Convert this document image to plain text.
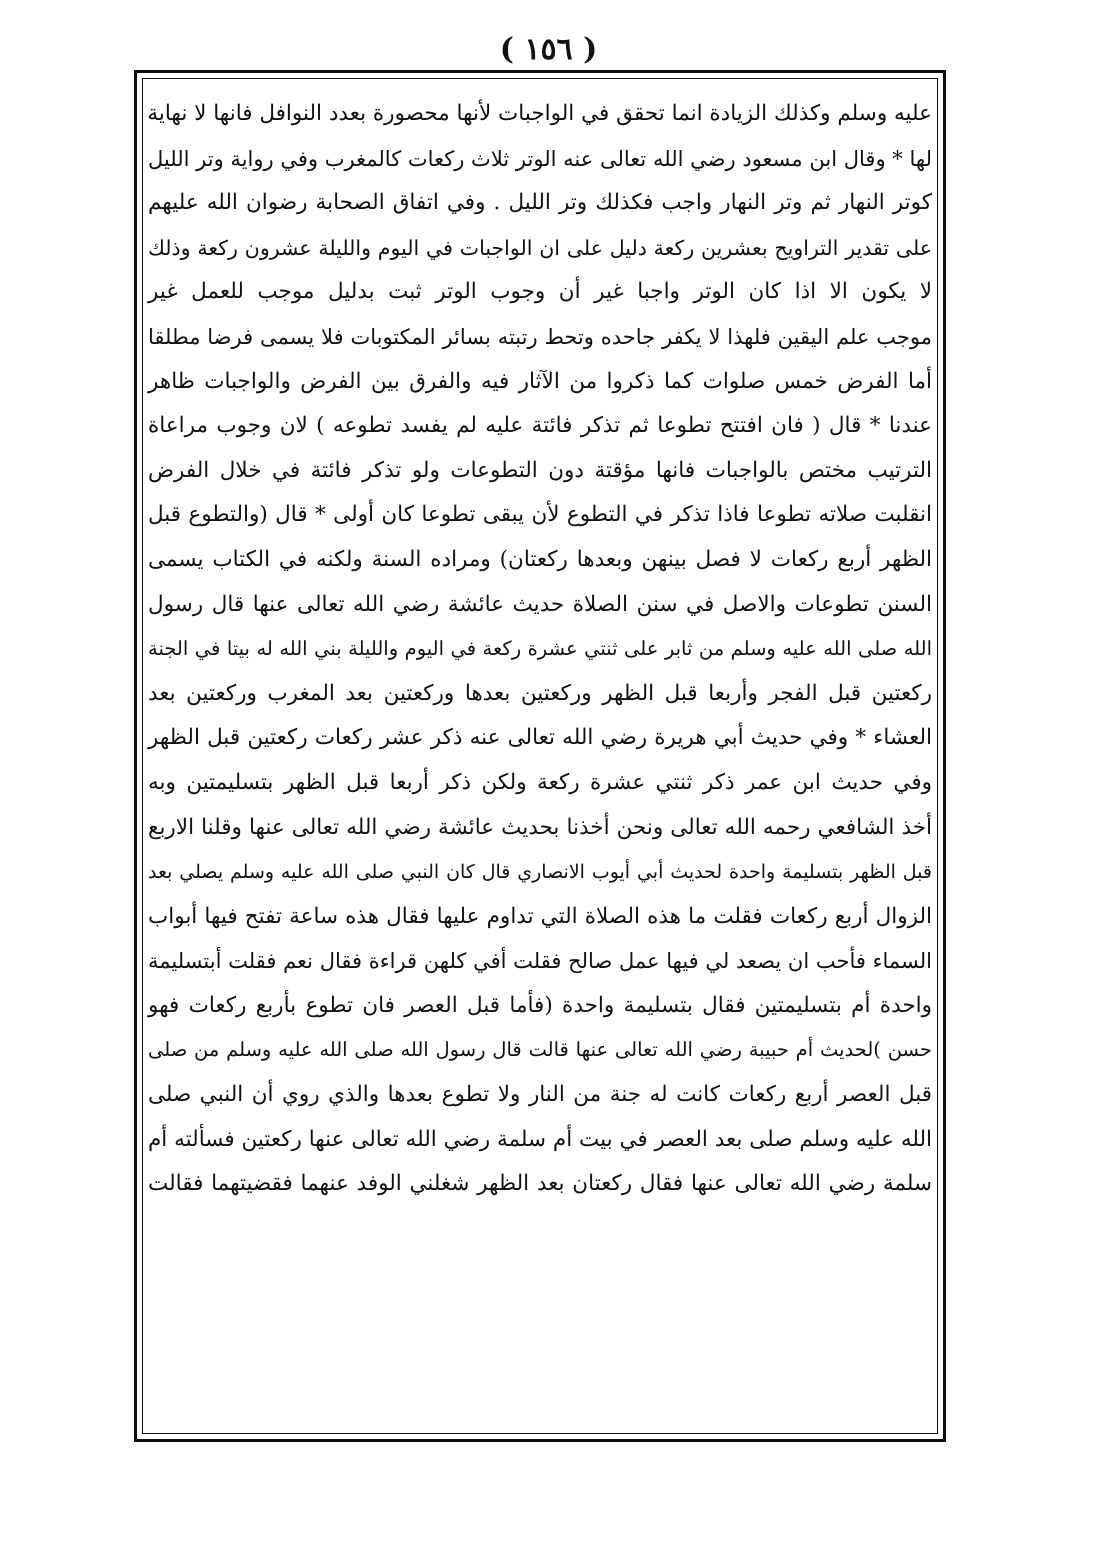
( ١٥٦ )
عليه وسلم وكذلك الزيادة انما تحقق في الواجبات لأنها محصورة بعدد النوافل فانها لا نهاية
لها * وقال ابن مسعود رضي الله تعالى عنه الوتر ثلاث ركعات كالمغرب وفي رواية وتر الليل
كوتر النهار ثم وتر النهار واجب فكذلك وتر الليل . وفي اتفاق الصحابة رضوان الله عليهم
على تقدير التراويح بعشرين ركعة دليل على ان الواجبات في اليوم والليلة عشرون ركعة وذلك
لا يكون الا اذا كان الوتر واجبا غير أن وجوب الوتر ثبت بدليل موجب للعمل غير
موجب علم اليقين فلهذا لا يكفر جاحده وتحط رتبته بسائر المكتوبات فلا يسمى فرضا مطلقا
أما الفرض خمس صلوات كما ذكروا من الآثار فيه والفرق بين الفرض والواجبات ظاهر
عندنا * قال ( فان افتتح تطوعا ثم تذكر فائتة عليه لم يفسد تطوعه ) لان وجوب مراعاة
الترتيب مختص بالواجبات فانها مؤقتة دون التطوعات ولو تذكر فائتة في خلال الفرض
انقلبت صلاته تطوعا فاذا تذكر في التطوع لأن يبقى تطوعا كان أولى * قال (والتطوع قبل
الظهر أربع ركعات لا فصل بينهن وبعدها ركعتان) ومراده السنة ولكنه في الكتاب يسمى
السنن تطوعات والاصل في سنن الصلاة حديث عائشة رضي الله تعالى عنها قال رسول
الله صلى الله عليه وسلم من ثابر على ثنتي عشرة ركعة في اليوم والليلة بني الله له بيتا في الجنة
ركعتين قبل الفجر وأربعا قبل الظهر وركعتين بعدها وركعتين بعد المغرب وركعتين بعد
العشاء * وفي حديث أبي هريرة رضي الله تعالى عنه ذكر عشر ركعات ركعتين قبل الظهر
وفي حديث ابن عمر ذكر ثنتي عشرة ركعة ولكن ذكر أربعا قبل الظهر بتسليمتين وبه
أخذ الشافعي رحمه الله تعالى ونحن أخذنا بحديث عائشة رضي الله تعالى عنها وقلنا الاربع
قبل الظهر بتسليمة واحدة لحديث أبي أيوب الانصاري قال كان النبي صلى الله عليه وسلم يصلي بعد
الزوال أربع ركعات فقلت ما هذه الصلاة التي تداوم عليها فقال هذه ساعة تفتح فيها أبواب
السماء فأحب ان يصعد لي فيها عمل صالح فقلت أفي كلهن قراءة فقال نعم فقلت أبتسليمة
واحدة أم بتسليمتين فقال بتسليمة واحدة (فأما قبل العصر فان تطوع بأربع ركعات فهو
حسن )لحديث أم حبيبة رضي الله تعالى عنها قالت قال رسول الله صلى الله عليه وسلم من صلى
قبل العصر أربع ركعات كانت له جنة من النار ولا تطوع بعدها والذي روي أن النبي صلى
الله عليه وسلم صلى بعد العصر في بيت أم سلمة رضي الله تعالى عنها ركعتين فسألته أم
سلمة رضي الله تعالى عنها فقال ركعتان بعد الظهر شغلني الوفد عنهما فقضيتهما فقالت
